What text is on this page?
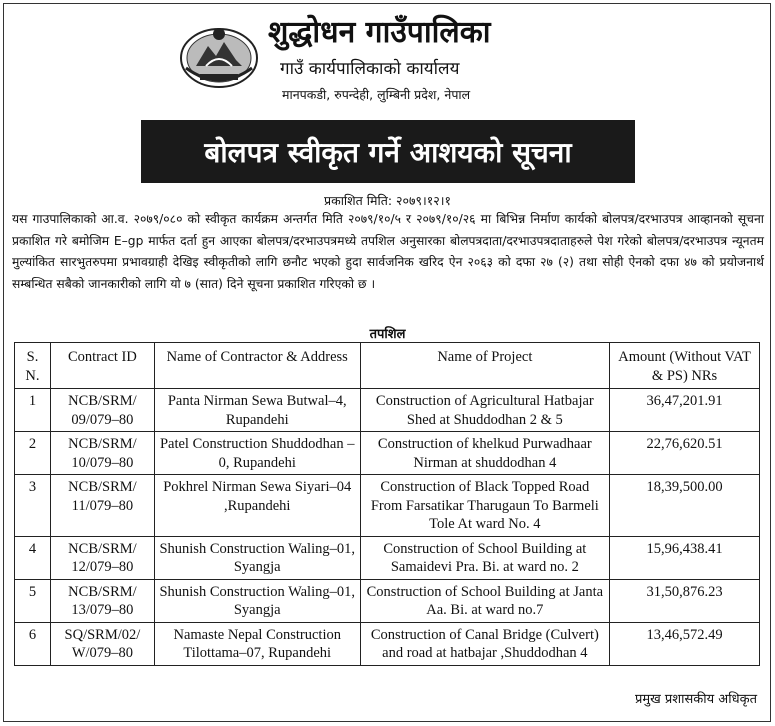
शुद्धोधन गाउँपालिका
गाउँ कार्यपालिकाको कार्यालय
मानपकडी, रुपन्देही, लुम्बिनी प्रदेश, नेपाल
बोलपत्र स्वीकृत गर्ने आशयको सूचना
प्रकाशित मिति: २०७९।१२।१
यस गाउपालिकाको आ.व. २०७९/०८० को स्वीकृत कार्यक्रम अन्तर्गत मिति २०७९/१०/५ र २०७९/१०/२६ मा बिभिन्न निर्माण कार्यको बोलपत्र/दरभाउपत्र आव्हानको सूचना प्रकाशित गरे बमोजिम E–gp मार्फत दर्ता हुन आएका बोलपत्र/दरभाउपत्रमध्ये तपशिल अनुसारका बोलपत्रदाता/दरभाउपत्रदाताहरुले पेश गरेको बोलपत्र/दरभाउपत्र न्यूनतम मुल्यांकित सारभुतरुपमा प्रभावग्राही देखिइ स्वीकृतीको लागि छनौट भएको हुदा सार्वजनिक खरिद ऐन २०६३ को दफा २७ (२) तथा सोही ऐनको दफा ४७ को प्रयोजनार्थ सम्बन्धित सबैको जानकारीको लागि यो ७ (सात) दिने सूचना प्रकाशित गरिएको छ ।
तपशिल
S. N.	Contract ID	Name of Contractor & Address	Name of Project	Amount (Without VAT & PS) NRs
1	NCB/SRM/ 09/079–80	Panta Nirman Sewa Butwal–4, Rupandehi	Construction of Agricultural Hatbajar Shed at Shuddodhan 2 & 5	36,47,201.91
2	NCB/SRM/ 10/079–80	Patel Construction Shuddodhan –0, Rupandehi	Construction of khelkud Purwadhaar Nirman at shuddodhan 4	22,76,620.51
3	NCB/SRM/ 11/079–80	Pokhrel Nirman Sewa Siyari–04 ,Rupandehi	Construction of Black Topped Road From Farsatikar Tharugaun To Barmeli Tole At ward No. 4	18,39,500.00
4	NCB/SRM/ 12/079–80	Shunish Construction Waling–01, Syangja	Construction of School Building at Samaidevi Pra. Bi. at ward no. 2	15,96,438.41
5	NCB/SRM/ 13/079–80	Shunish Construction Waling–01, Syangja	Construction of School Building at Janta Aa. Bi. at ward no.7	31,50,876.23
6	SQ/SRM/02/ W/079–80	Namaste Nepal Construction Tilottama–07, Rupandehi	Construction of Canal Bridge (Culvert) and road at hatbajar ,Shuddodhan 4	13,46,572.49
प्रमुख प्रशासकीय अधिकृत
